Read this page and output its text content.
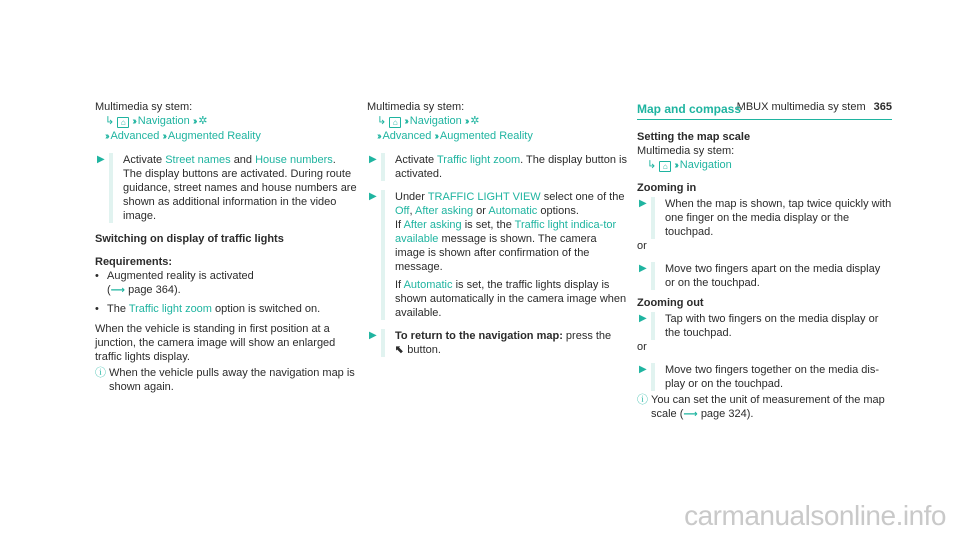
MBUX multimedia sy stem 365
Multimedia sy stem:
↳ ⌂ ›› Navigation ›› ✲
›› Advanced ›› Augmented Reality
▶	Activate Street names and House numbers. The display buttons are activated. During route guidance, street names and house numbers are shown as additional information in the video image.
Switching on display of traffic lights
Requirements:
• Augmented reality is activated
(⟶ page 364).
• The Traffic light zoom option is switched on.
When the vehicle is standing in first position at a junction, the camera image will show an enlarged traffic lights display.
ⓘ When the vehicle pulls away the navigation map is shown again.
Multimedia sy stem:
↳ ⌂ ›› Navigation ›› ✲
›› Advanced ›› Augmented Reality
▶	Activate Traffic light zoom. The display button is activated.
▶	Under TRAFFIC LIGHT VIEW select one of the Off, After asking or Automatic options.
If After asking is set, the Traffic light indica-tor available message is shown. The camera image is shown after confirmation of the message.
If Automatic is set, the traffic lights display is shown automatically in the camera image when available.
▶	To return to the navigation map: press the
⬉ button.
Map and compass
Setting the map scale
Multimedia sy stem:
↳ ⌂ ›› Navigation
Zooming in
▶	When the map is shown, tap twice quickly with one finger on the media display or the touchpad.
or
▶	Move two fingers apart on the media display or on the touchpad.
Zooming out
▶	Tap with two fingers on the media display or the touchpad.
or
▶	Move two fingers together on the media dis-play or on the touchpad.
ⓘ You can set the unit of measurement of the map scale (⟶ page 324).
carmanualsonline.info
